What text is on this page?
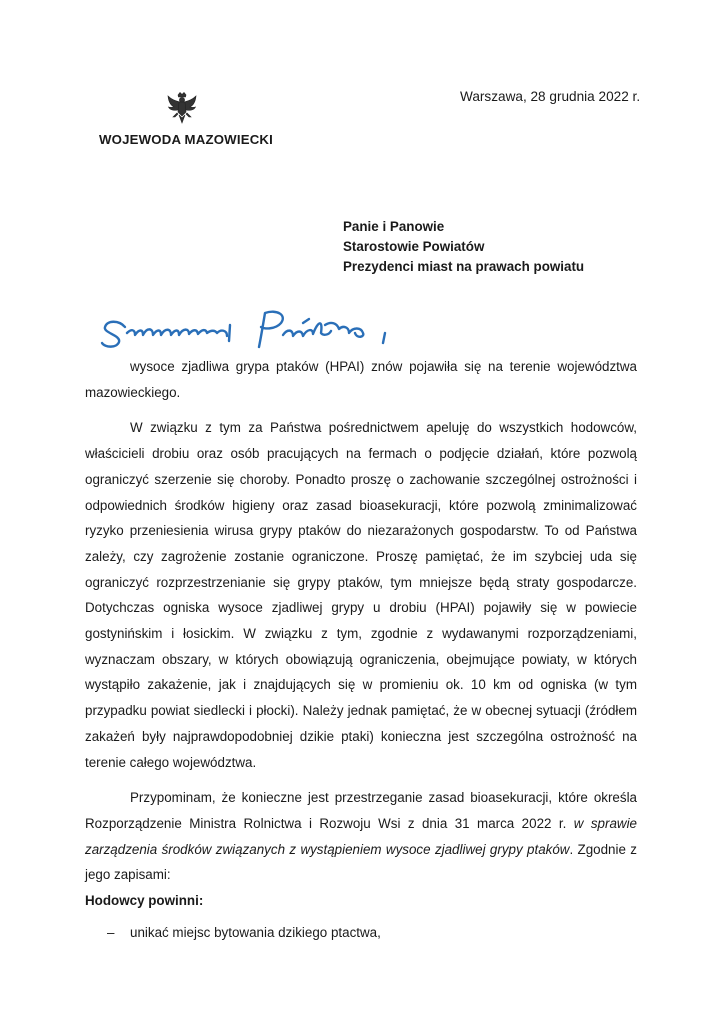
Warszawa, 28 grudnia 2022 r.
WOJEWODA MAZOWIECKI
Panie i Panowie
Starostowie Powiatów
Prezydenci miast na prawach powiatu

wysoce zjadliwa grypa ptaków (HPAI) znów pojawiła się na terenie województwa mazowieckiego.

W związku z tym za Państwa pośrednictwem apeluję do wszystkich hodowców, właścicieli drobiu oraz osób pracujących na fermach o podjęcie działań, które pozwolą ograniczyć szerzenie się choroby. Ponadto proszę o zachowanie szczególnej ostrożności i odpowiednich środków higieny oraz zasad bioasekuracji, które pozwolą zminimalizować ryzyko przeniesienia wirusa grypy ptaków do niezarażonych gospodarstw. To od Państwa zależy, czy zagrożenie zostanie ograniczone. Proszę pamiętać, że im szybciej uda się ograniczyć rozprzestrzenianie się grypy ptaków, tym mniejsze będą straty gospodarcze. Dotychczas ogniska wysoce zjadliwej grypy u drobiu (HPAI) pojawiły się w powiecie gostynińskim i łosickim. W związku z tym, zgodnie z wydawanymi rozporządzeniami, wyznaczam obszary, w których obowiązują ograniczenia, obejmujące powiaty, w których wystąpiło zakażenie, jak i znajdujących się w promieniu ok. 10 km od ogniska (w tym przypadku powiat siedlecki i płocki). Należy jednak pamiętać, że w obecnej sytuacji (źródłem zakażeń były najprawdopodobniej dzikie ptaki) konieczna jest szczególna ostrożność na terenie całego województwa.

Przypominam, że konieczne jest przestrzeganie zasad bioasekuracji, które określa Rozporządzenie Ministra Rolnictwa i Rozwoju Wsi z dnia 31 marca 2022 r. w sprawie zarządzenia środków związanych z wystąpieniem wysoce zjadliwej grypy ptaków. Zgodnie z jego zapisami:

Hodowcy powinni:
– unikać miejsc bytowania dzikiego ptactwa,
